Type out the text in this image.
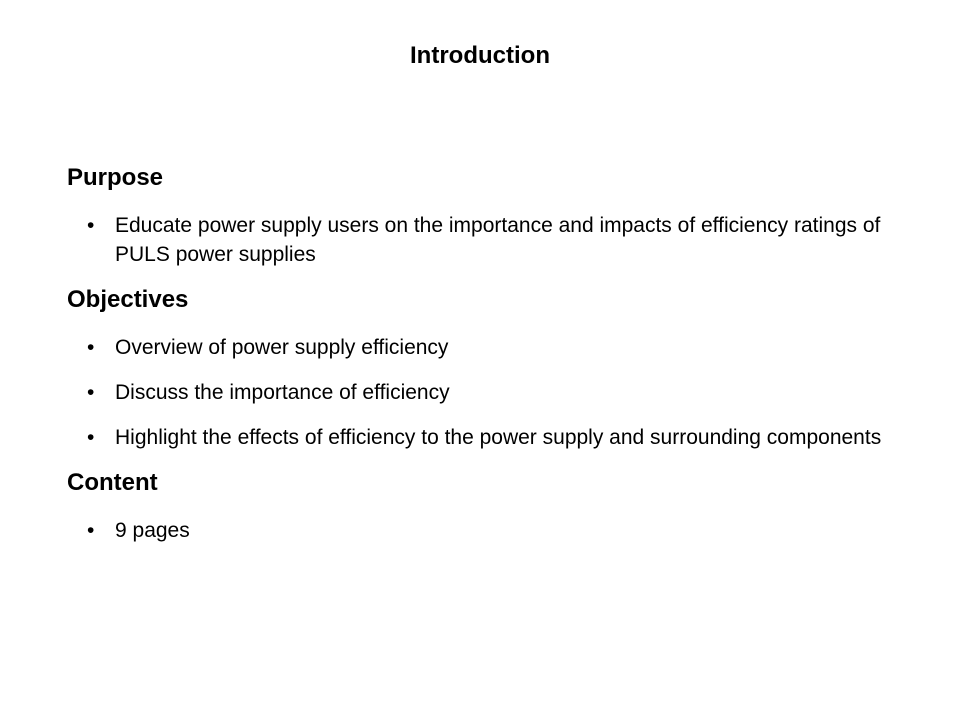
Introduction
Purpose
• Educate power supply users on the importance and impacts of efficiency ratings of PULS power supplies
Objectives
• Overview of power supply efficiency
• Discuss the importance of efficiency
• Highlight the effects of efficiency to the power supply and surrounding components
Content
• 9 pages
